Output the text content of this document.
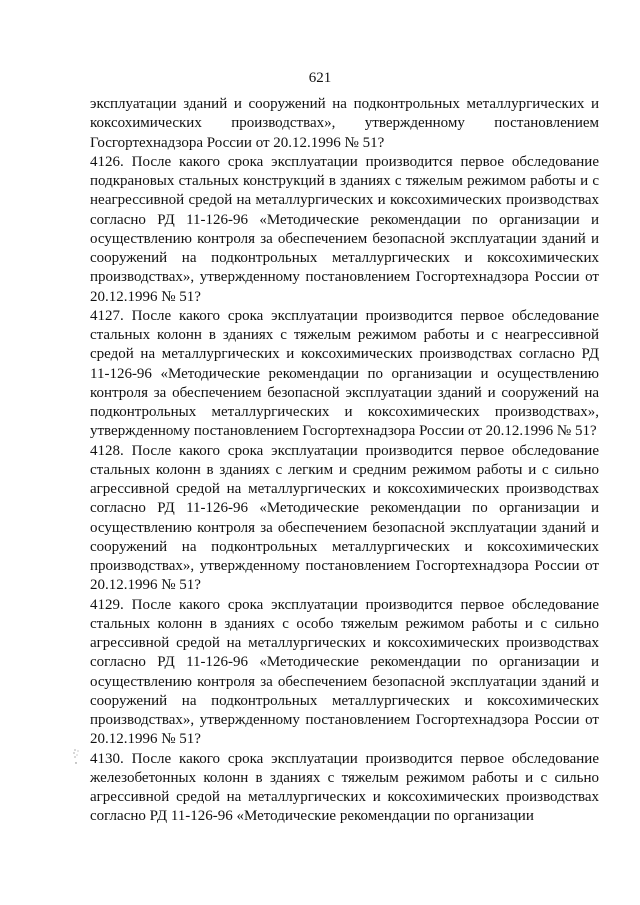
621

эксплуатации зданий и сооружений на подконтрольных металлургических и коксохимических производствах», утвержденному постановлением Госгортехнадзора России от 20.12.1996 № 51?

4126. После какого срока эксплуатации производится первое обследование подкрановых стальных конструкций в зданиях с тяжелым режимом работы и с неагрессивной средой на металлургических и коксохимических производствах согласно РД 11-126-96 «Методические рекомендации по организации и осуществлению контроля за обеспечением безопасной эксплуатации зданий и сооружений на подконтрольных металлургических и коксохимических производствах», утвержденному постановлением Госгортехнадзора России от 20.12.1996 № 51?

4127. После какого срока эксплуатации производится первое обследование стальных колонн в зданиях с тяжелым режимом работы и с неагрессивной средой на металлургических и коксохимических производствах согласно РД 11-126-96 «Методические рекомендации по организации и осуществлению контроля за обеспечением безопасной эксплуатации зданий и сооружений на подконтрольных металлургических и коксохимических производствах», утвержденному постановлением Госгортехнадзора России от 20.12.1996 № 51?

4128. После какого срока эксплуатации производится первое обследование стальных колонн в зданиях с легким и средним режимом работы и с сильно агрессивной средой на металлургических и коксохимических производствах согласно РД 11-126-96 «Методические рекомендации по организации и осуществлению контроля за обеспечением безопасной эксплуатации зданий и сооружений на подконтрольных металлургических и коксохимических производствах», утвержденному постановлением Госгортехнадзора России от 20.12.1996 № 51?

4129. После какого срока эксплуатации производится первое обследование стальных колонн в зданиях с особо тяжелым режимом работы и с сильно агрессивной средой на металлургических и коксохимических производствах согласно РД 11-126-96 «Методические рекомендации по организации и осуществлению контроля за обеспечением безопасной эксплуатации зданий и сооружений на подконтрольных металлургических и коксохимических производствах», утвержденному постановлением Госгортехнадзора России от 20.12.1996 № 51?

4130. После какого срока эксплуатации производится первое обследование железобетонных колонн в зданиях с тяжелым режимом работы и с сильно агрессивной средой на металлургических и коксохимических производствах согласно РД 11-126-96 «Методические рекомендации по организации
